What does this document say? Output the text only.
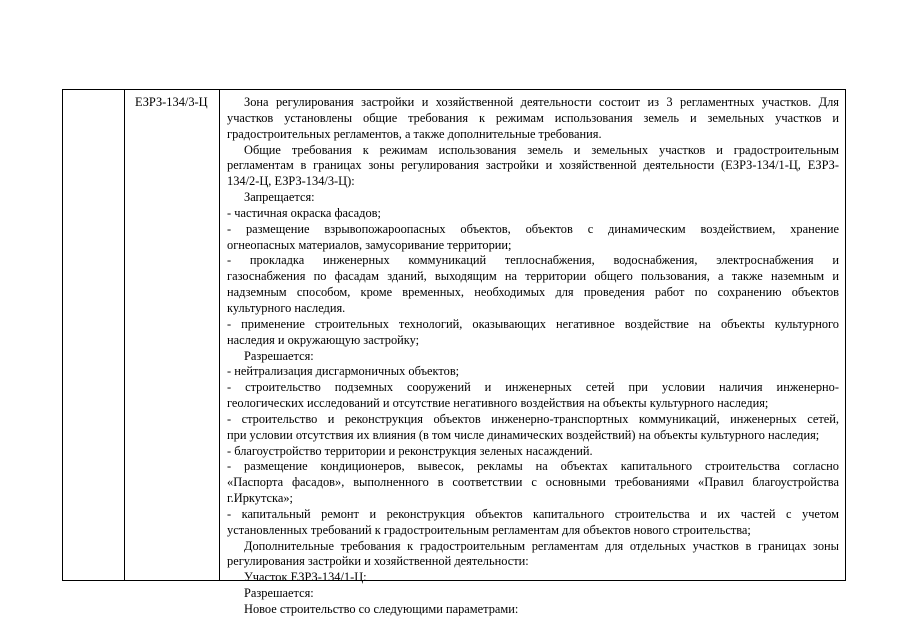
ЕЗРЗ-134/3-Ц	Зона регулирования застройки и хозяйственной деятельности состоит из 3 регламентных участков. Для
участков установлены общие требования к режимам использования земель и земельных участков и
градостроительных регламентов, а также дополнительные требования.
Общие требования к режимам использования земель и земельных участков и градостроительным
регламентам в границах зоны регулирования застройки и хозяйственной деятельности (ЕЗРЗ-134/1-Ц, ЕЗРЗ-
134/2-Ц, ЕЗРЗ-134/3-Ц):
Запрещается:
- частичная окраска фасадов;
- размещение взрывопожароопасных объектов, объектов с динамическим воздействием, хранение
огнеопасных материалов, замусоривание территории;
- прокладка инженерных коммуникаций теплоснабжения, водоснабжения, электроснабжения и
газоснабжения по фасадам зданий, выходящим на территории общего пользования, а также наземным и
надземным способом, кроме временных, необходимых для проведения работ по сохранению объектов
культурного наследия.
- применение строительных технологий, оказывающих негативное воздействие на объекты культурного
наследия и окружающую застройку;
Разрешается:
- нейтрализация дисгармоничных объектов;
- строительство подземных сооружений и инженерных сетей при условии наличия инженерно-
геологических исследований и отсутствие негативного воздействия на объекты культурного наследия;
- строительство и реконструкция объектов инженерно-транспортных коммуникаций, инженерных сетей,
при условии отсутствия их влияния (в том числе динамических воздействий) на объекты культурного наследия;
- благоустройство территории и реконструкция зеленых насаждений.
- размещение кондиционеров, вывесок, рекламы на объектах капитального строительства согласно
«Паспорта фасадов», выполненного в соответствии с основными требованиями «Правил благоустройства
г.Иркутска»;
- капитальный ремонт и реконструкция объектов капитального строительства и их частей с учетом
установленных требований к градостроительным регламентам для объектов нового строительства;
Дополнительные требования к градостроительным регламентам для отдельных участков в границах зоны
регулирования застройки и хозяйственной деятельности:
Участок ЕЗРЗ-134/1-Ц:
Разрешается:
Новое строительство со следующими параметрами:
